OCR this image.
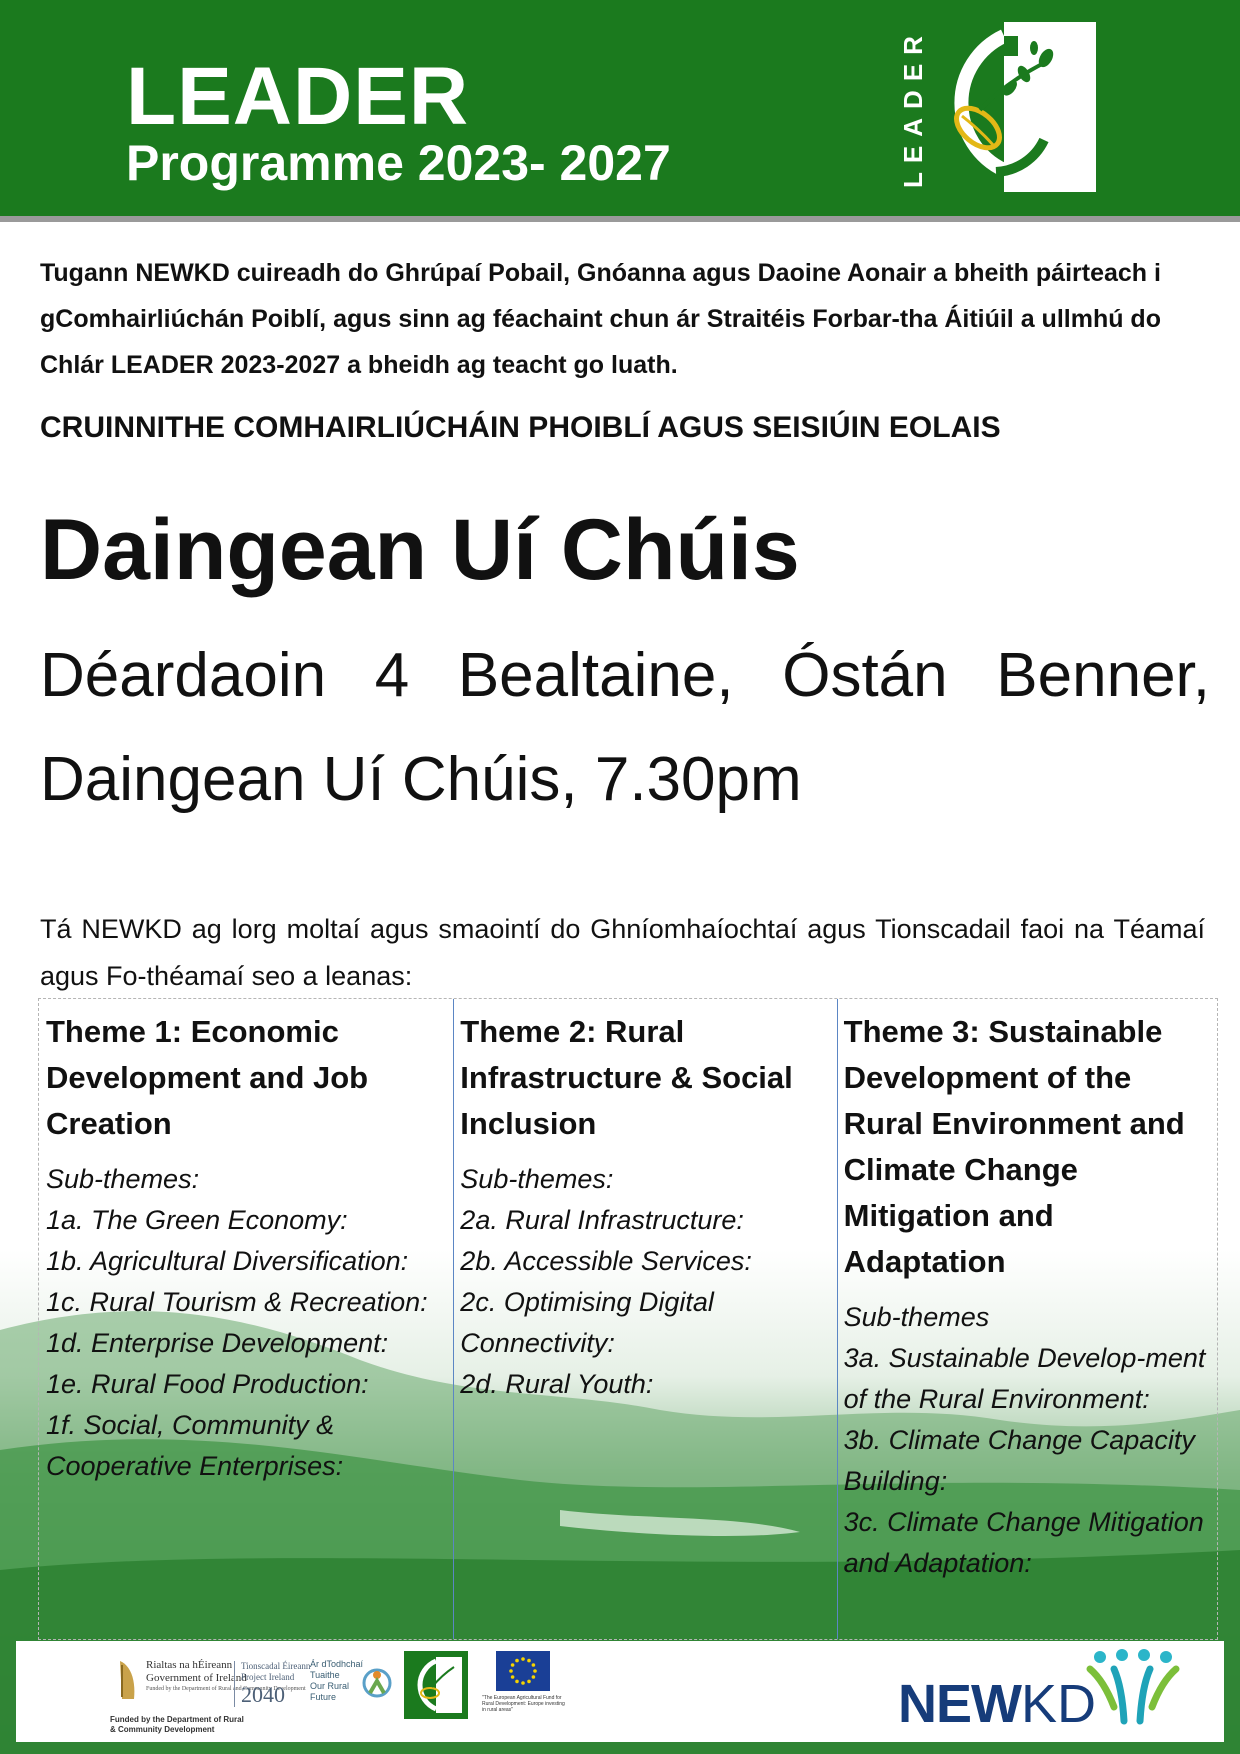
LEADER
Programme 2023- 2027	LEADER
Tugann NEWKD cuireadh do Ghrúpaí Pobail, Gnóanna agus Daoine Aonair a bheith páirteach i gComhairliúchán Poiblí, agus sinn ag féachaint chun ár Straitéis Forbar-tha Áitiúil a ullmhú do Chlár LEADER 2023-2027 a bheidh ag teacht go luath.
CRUINNITHE COMHAIRLIÚCHÁIN PHOIBLÍ AGUS SEISIÚIN EOLAIS
Daingean Uí Chúis
Déardaoin 4 Bealtaine, Óstán Benner, Daingean Uí Chúis, 7.30pm
Tá NEWKD ag lorg moltaí agus smaointí do Ghníomhaíochtaí agus Tionscadail faoi na Téamaí agus Fo-théamaí seo a leanas:
Theme 1: Economic Development and Job Creation
Sub-themes:
1a. The Green Economy:
1b. Agricultural Diversification:
1c. Rural Tourism & Recreation:
1d. Enterprise Development:
1e. Rural Food Production:
1f. Social, Community & Cooperative Enterprises:
Theme 2: Rural Infrastructure & Social Inclusion
Sub-themes:
2a. Rural Infrastructure:
2b. Accessible Services:
2c. Optimising Digital Connectivity:
2d. Rural Youth:
Theme 3: Sustainable Development of the Rural Environment and Climate Change Mitigation and Adaptation
Sub-themes
3a. Sustainable Develop-ment of the Rural Environment:
3b. Climate Change Capacity Building:
3c. Climate Change Mitigation and Adaptation:
Rialtas na hÉireann
Government of Ireland
Funded by the Department of Rural and Community Development
Funded by the Department of Rural & Community Development
Tionscadal Éireann
Project Ireland
2040
Ár dTodhchaí
Tuaithe
Our Rural
Future	"The European Agricultural Fund for Rural Development: Europe investing in rural areas"	NEW KD
